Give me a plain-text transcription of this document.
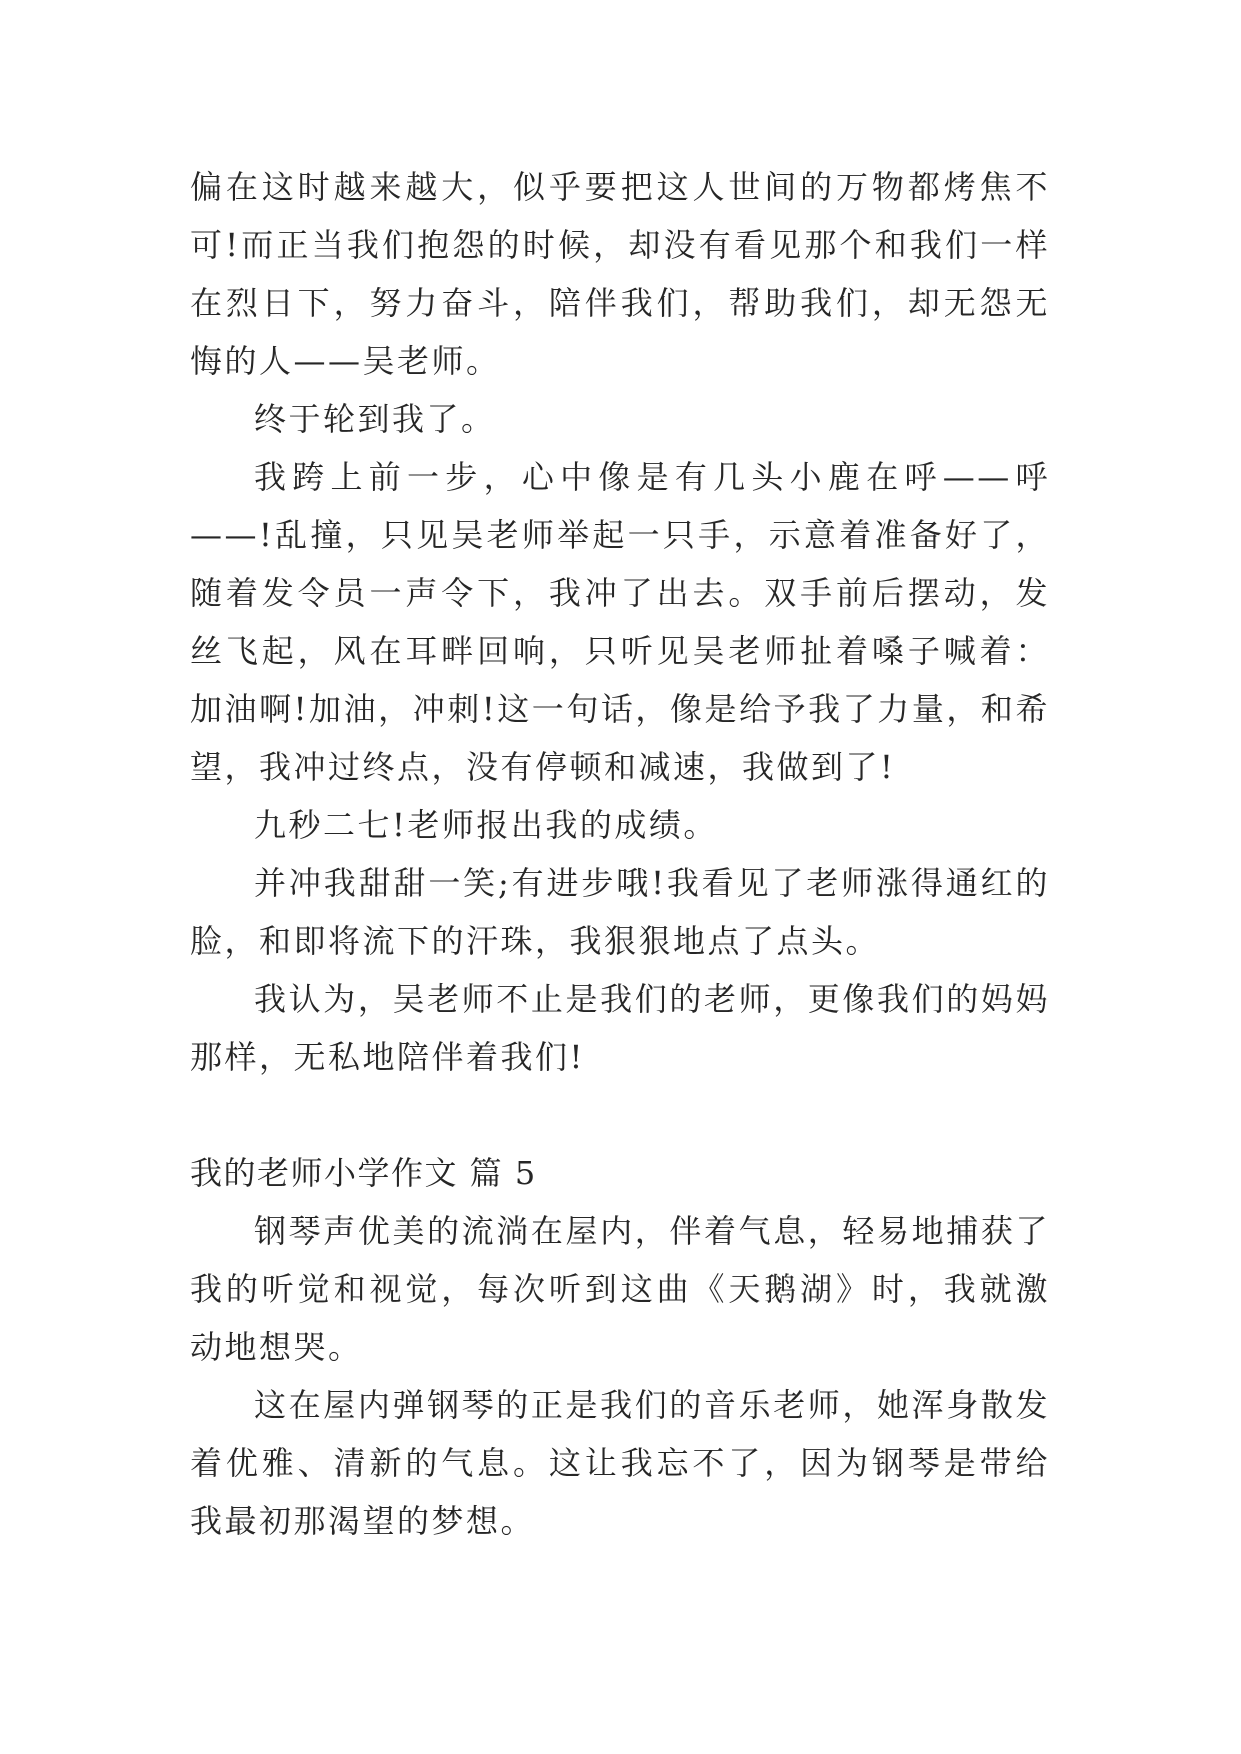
偏在这时越来越大，似乎要把这人世间的万物都烤焦不可!而正当我们抱怨的时候，却没有看见那个和我们一样在烈日下，努力奋斗，陪伴我们，帮助我们，却无怨无悔的人——吴老师。

终于轮到我了。

我跨上前一步，心中像是有几头小鹿在呼——呼——!乱撞，只见吴老师举起一只手，示意着准备好了，随着发令员一声令下，我冲了出去。双手前后摆动，发丝飞起，风在耳畔回响，只听见吴老师扯着嗓子喊着：加油啊!加油，冲刺!这一句话，像是给予我了力量，和希望，我冲过终点，没有停顿和减速，我做到了!

九秒二七!老师报出我的成绩。

并冲我甜甜一笑;有进步哦!我看见了老师涨得通红的脸，和即将流下的汗珠，我狠狠地点了点头。

我认为，吴老师不止是我们的老师，更像我们的妈妈那样，无私地陪伴着我们!

我的老师小学作文 篇 5

钢琴声优美的流淌在屋内，伴着气息，轻易地捕获了我的听觉和视觉，每次听到这曲《天鹅湖》时，我就激动地想哭。

这在屋内弹钢琴的正是我们的音乐老师，她浑身散发着优雅、清新的气息。这让我忘不了，因为钢琴是带给我最初那渴望的梦想。
